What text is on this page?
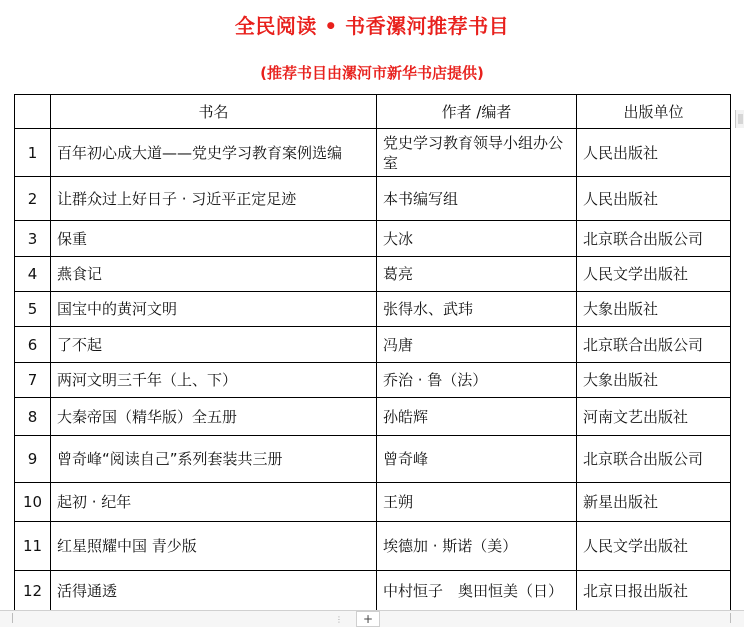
全民阅读 • 书香漯河推荐书目
(推荐书目由漯河市新华书店提供)
	书名	作者 /编者	出版单位
1	百年初心成大道——党史学习教育案例选编	党史学习教育领导小组办公室	人民出版社
2	让群众过上好日子 · 习近平正定足迹	本书编写组	人民出版社
3	保重	大冰	北京联合出版公司
4	燕食记	葛亮	人民文学出版社
5	国宝中的黄河文明	张得水、武玮	大象出版社
6	了不起	冯唐	北京联合出版公司
7	两河文明三千年（上、下）	乔治 · 鲁（法）	大象出版社
8	大秦帝国（精华版）全五册	孙皓辉	河南文艺出版社
9	曾奇峰“阅读自己”系列套装共三册	曾奇峰	北京联合出版公司
10	起初 · 纪年	王朔	新星出版社
11	红星照耀中国 青少版	埃德加 · 斯诺（美）	人民文学出版社
12	活得通透	中村恒子　奥田恒美（日）	北京日报出版社
⋮	+
